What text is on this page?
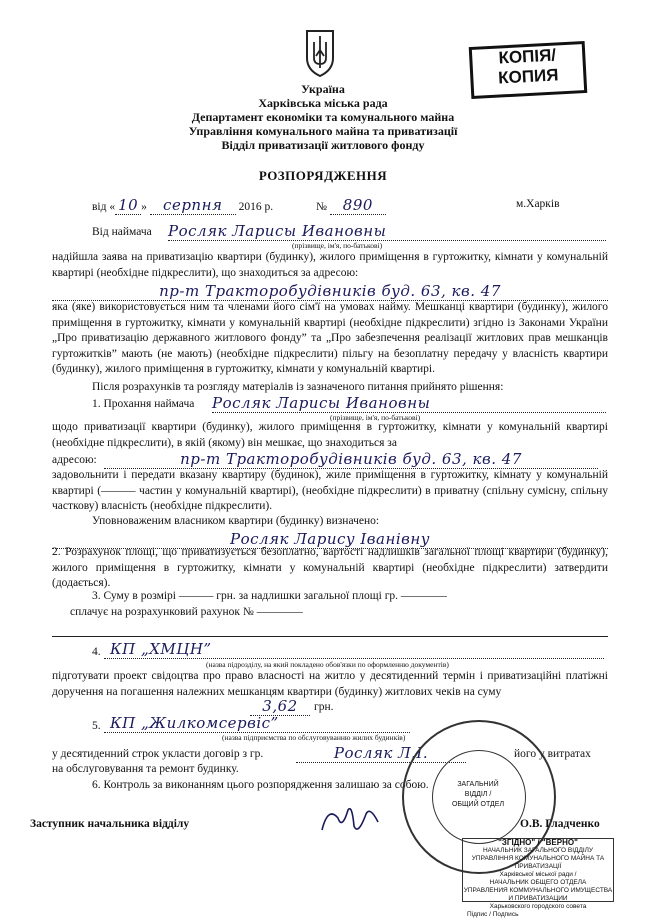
КОПІЯ/
КОПИЯ
Україна
Харківська міська рада
Департамент економіки та комунального майна
Управління комунального майна та приватизації
Відділ приватизації житлового фонду
РОЗПОРЯДЖЕННЯ
від « 10 » серпня 2016 р.	№ 890	м.Харків
Від наймача Росляк Ларисы Ивановны
(прізвище, ім'я, по-батькові)
надійшла заява на приватизацію квартири (будинку), жилого приміщення в гуртожитку, кімнати у комунальній квартирі (необхідне підкреслити), що знаходиться за адресою:
пр-т Тракторобудівників буд. 63, кв. 47
яка (яке) використовується ним та членами його сім'ї на умовах найму. Мешканці квартири (будинку), жилого приміщення в гуртожитку, кімнати у комунальній квартирі (необхідне підкреслити) згідно із Законами України „Про приватизацію державного житлового фонду” та „Про забезпечення реалізації житлових прав мешканців гуртожитків” мають (не мають) (необхідне підкреслити) пільгу на безоплатну передачу у власність квартири (будинку), жилого приміщення в гуртожитку, кімнати у комунальній квартирі.
Після розрахунків та розгляду матеріалів із зазначеного питання прийнято рішення:
1. Прохання наймача Росляк Ларисы Ивановны
(прізвище, ім'я, по-батькові)
щодо приватизації квартири (будинку), жилого приміщення в гуртожитку, кімнати у комунальній квартирі (необхідне підкреслити), в якій (якому) він мешкає, що знаходиться за
адресою:	пр-т Тракторобудівників буд. 63, кв. 47
задовольнити і передати вказану квартиру (будинок), жиле приміщення в гуртожитку, кімнату у комунальній квартирі (——— частин у комунальній квартирі), (необхідне підкреслити) в приватну (спільну сумісну, спільну часткову) власність (необхідне підкреслити).
Уповноваженим власником квартири (будинку) визначено:
Росляк Ларису Іванівну
2. Розрахунок площі, що приватизується безоплатно, вартості надлишків загальної площі квартири (будинку), жилого приміщення в гуртожитку, кімнати у комунальній квартирі (необхідне підкреслити) затвердити (додається).
3. Суму в розмірі ——— грн. за надлишки загальної площі гр. ————
сплачує на розрахунковий рахунок № ————
4. КП „ХМЦН”
(назва підрозділу, на який покладено обов'язки по оформленню документів)
підготувати проект свідоцтва про право власності на житло у десятиденний термін і приватизаційні платіжні доручення на погашення належних мешканцям квартири (будинку) житлових чеків на суму
3,62	грн.
5. КП „Жилкомсервіс”
(назва підприємства по обслуговуванню жилих будинків)
у десятиденний строк укласти договір з гр.	Росляк Л.І.	його у витратах
на обслуговування та ремонт будинку.
6. Контроль за виконанням цього розпорядження залишаю за собою.	ЗАГАЛЬНИЙ
ВІДДІЛ /
ОБЩИЙ ОТДЕЛ
Заступник начальника відділу	О.В. Гладченко
"ЗГІДНО" / "ВЕРНО"
НАЧАЛЬНИК ЗАГАЛЬНОГО ВІДДІЛУ
УПРАВЛІННЯ КОМУНАЛЬНОГО МАЙНА ТА ПРИВАТИЗАЦІЇ
Харківської міської ради /
НАЧАЛЬНИК ОБЩЕГО ОТДЕЛА
УПРАВЛЕНИЯ КОММУНАЛЬНОГО ИМУЩЕСТВА И ПРИВАТИЗАЦИИ
Харьковского городского совета
Підпис / Подпись
